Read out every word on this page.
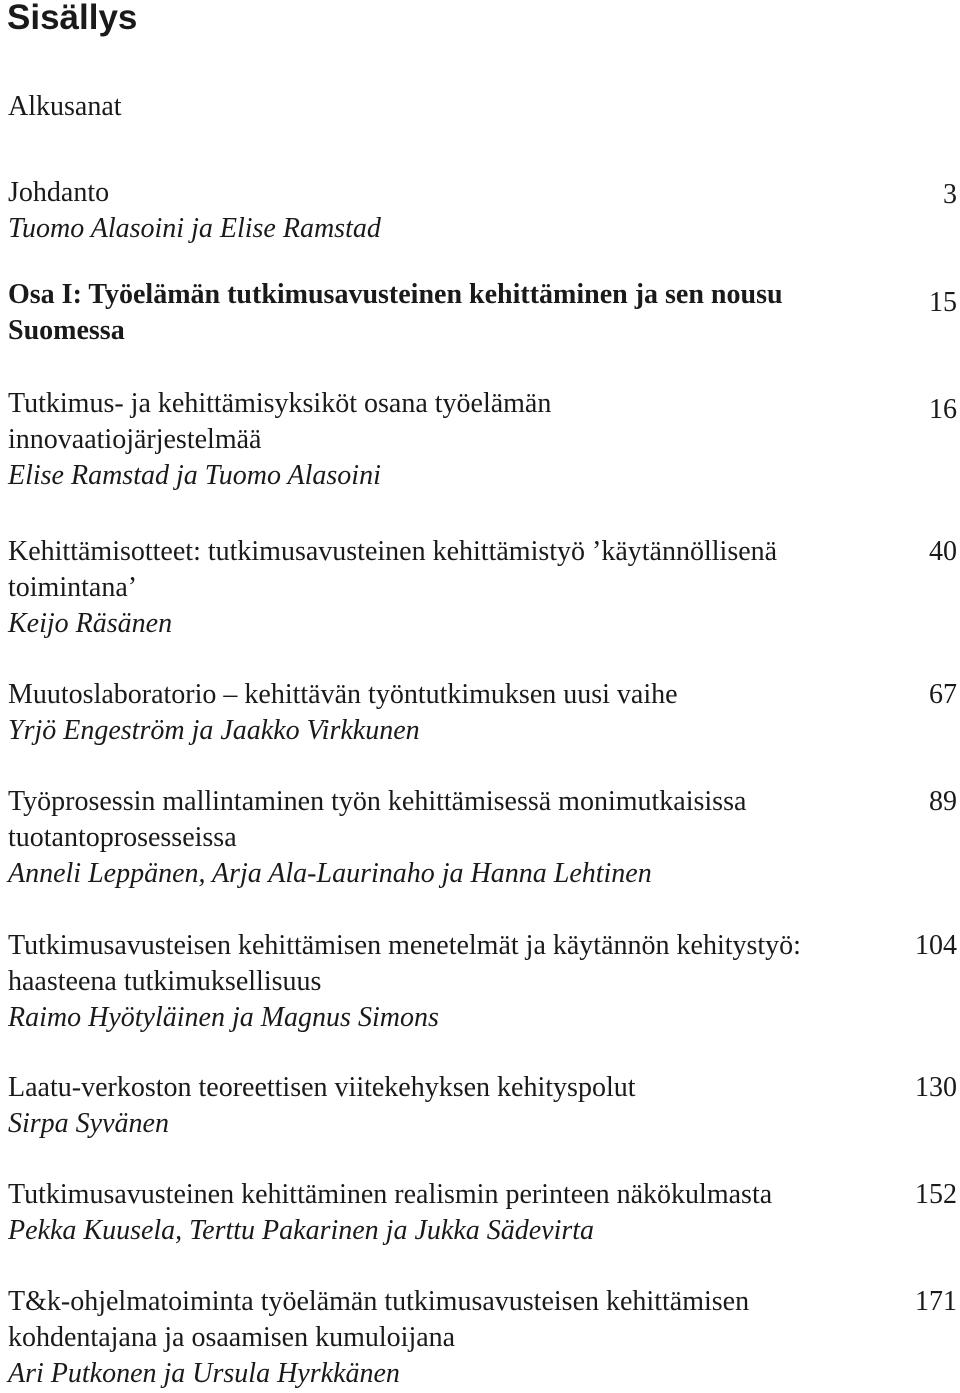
Sisällys
Alkusanat
Johdanto
Tuomo Alasoini ja Elise Ramstad
3
Osa I: Työelämän tutkimusavusteinen kehittäminen ja sen nousu
Suomessa
15
Tutkimus- ja kehittämisyksiköt osana työelämän
innovaatiojärjestelmää
Elise Ramstad ja Tuomo Alasoini
16
Kehittämisotteet: tutkimusavusteinen kehittämistyö ’käytännöllisenä
toimintana’
Keijo Räsänen
40
Muutoslaboratorio – kehittävän työntutkimuksen uusi vaihe
Yrjö Engeström ja Jaakko Virkkunen
67
Työprosessin mallintaminen työn kehittämisessä monimutkaisissa
tuotantoprosesseissa
Anneli Leppänen, Arja Ala-Laurinaho ja Hanna Lehtinen
89
Tutkimusavusteisen kehittämisen menetelmät ja käytännön kehitystyö:
haasteena tutkimuksellisuus
Raimo Hyötyläinen ja Magnus Simons
104
Laatu-verkoston teoreettisen viitekehyksen kehityspolut
Sirpa Syvänen
130
Tutkimusavusteinen kehittäminen realismin perinteen näkökulmasta
Pekka Kuusela, Terttu Pakarinen ja Jukka Sädevirta
152
T&k-ohjelmatoiminta työelämän tutkimusavusteisen kehittämisen
kohdentajana ja osaamisen kumuloijana
Ari Putkonen ja Ursula Hyrkkänen
171
